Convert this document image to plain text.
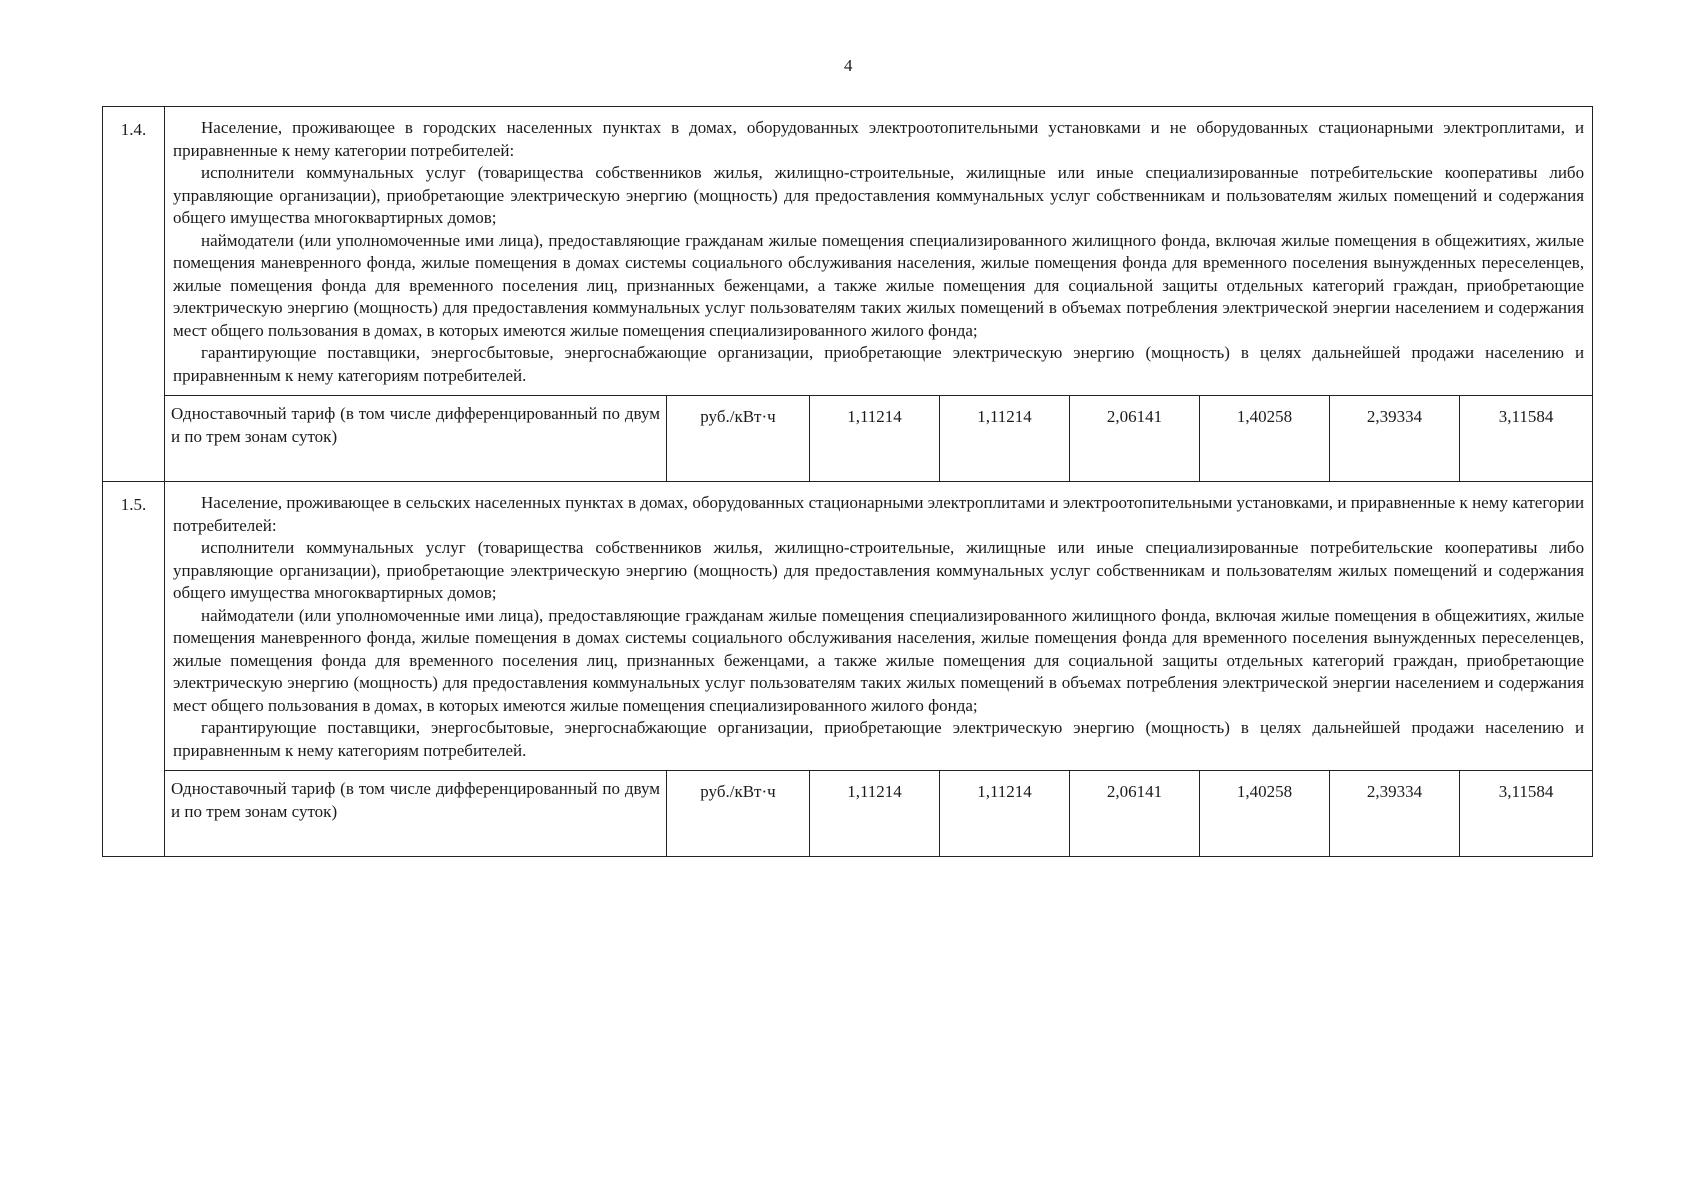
4
1.4.	Население, проживающее в городских населенных пунктах в домах, оборудованных электроотопительными установками и не оборудованных стационарными электроплитами, и приравненные к нему категории потребителей:

исполнители коммунальных услуг (товарищества собственников жилья, жилищно-строительные, жилищные или иные специализированные потребительские кооперативы либо управляющие организации), приобретающие электрическую энергию (мощность) для предоставления коммунальных услуг собственникам и пользователям жилых помещений и содержания общего имущества многоквартирных домов;

наймодатели (или уполномоченные ими лица), предоставляющие гражданам жилые помещения специализированного жилищного фонда, включая жилые помещения в общежитиях, жилые помещения маневренного фонда, жилые помещения в домах системы социального обслуживания населения, жилые помещения фонда для временного поселения вынужденных переселенцев, жилые помещения фонда для временного поселения лиц, признанных беженцами, а также жилые помещения для социальной защиты отдельных категорий граждан, приобретающие электрическую энергию (мощность) для предоставления коммунальных услуг пользователям таких жилых помещений в объемах потребления электрической энергии населением и содержания мест общего пользования в домах, в которых имеются жилые помещения специализированного жилого фонда;

гарантирующие поставщики, энергосбытовые, энергоснабжающие организации, приобретающие электрическую энергию (мощность) в целях дальнейшей продажи населению и приравненным к нему категориям потребителей.							

	Одноставочный тариф (в том числе дифференцированный по двум и по трем зонам суток)	руб./кВт·ч	1,11214	1,11214	2,06141	1,40258	2,39334	3,11584
1.5.	Население, проживающее в сельских населенных пунктах в домах, оборудованных стационарными электроплитами и электроотопительными установками, и приравненные к нему категории потребителей:

исполнители коммунальных услуг (товарищества собственников жилья, жилищно-строительные, жилищные или иные специализированные потребительские кооперативы либо управляющие организации), приобретающие электрическую энергию (мощность) для предоставления коммунальных услуг собственникам и пользователям жилых помещений и содержания общего имущества многоквартирных домов;

наймодатели (или уполномоченные ими лица), предоставляющие гражданам жилые помещения специализированного жилищного фонда, включая жилые помещения в общежитиях, жилые помещения маневренного фонда, жилые помещения в домах системы социального обслуживания населения, жилые помещения фонда для временного поселения вынужденных переселенцев, жилые помещения фонда для временного поселения лиц, признанных беженцами, а также жилые помещения для социальной защиты отдельных категорий граждан, приобретающие электрическую энергию (мощность) для предоставления коммунальных услуг пользователям таких жилых помещений в объемах потребления электрической энергии населением и содержания мест общего пользования в домах, в которых имеются жилые помещения специализированного жилого фонда;

гарантирующие поставщики, энергосбытовые, энергоснабжающие организации, приобретающие электрическую энергию (мощность) в целях дальнейшей продажи населению и приравненным к нему категориям потребителей.							

	Одноставочный тариф (в том числе дифференцированный по двум и по трем зонам суток)	руб./кВт·ч	1,11214	1,11214	2,06141	1,40258	2,39334	3,11584
